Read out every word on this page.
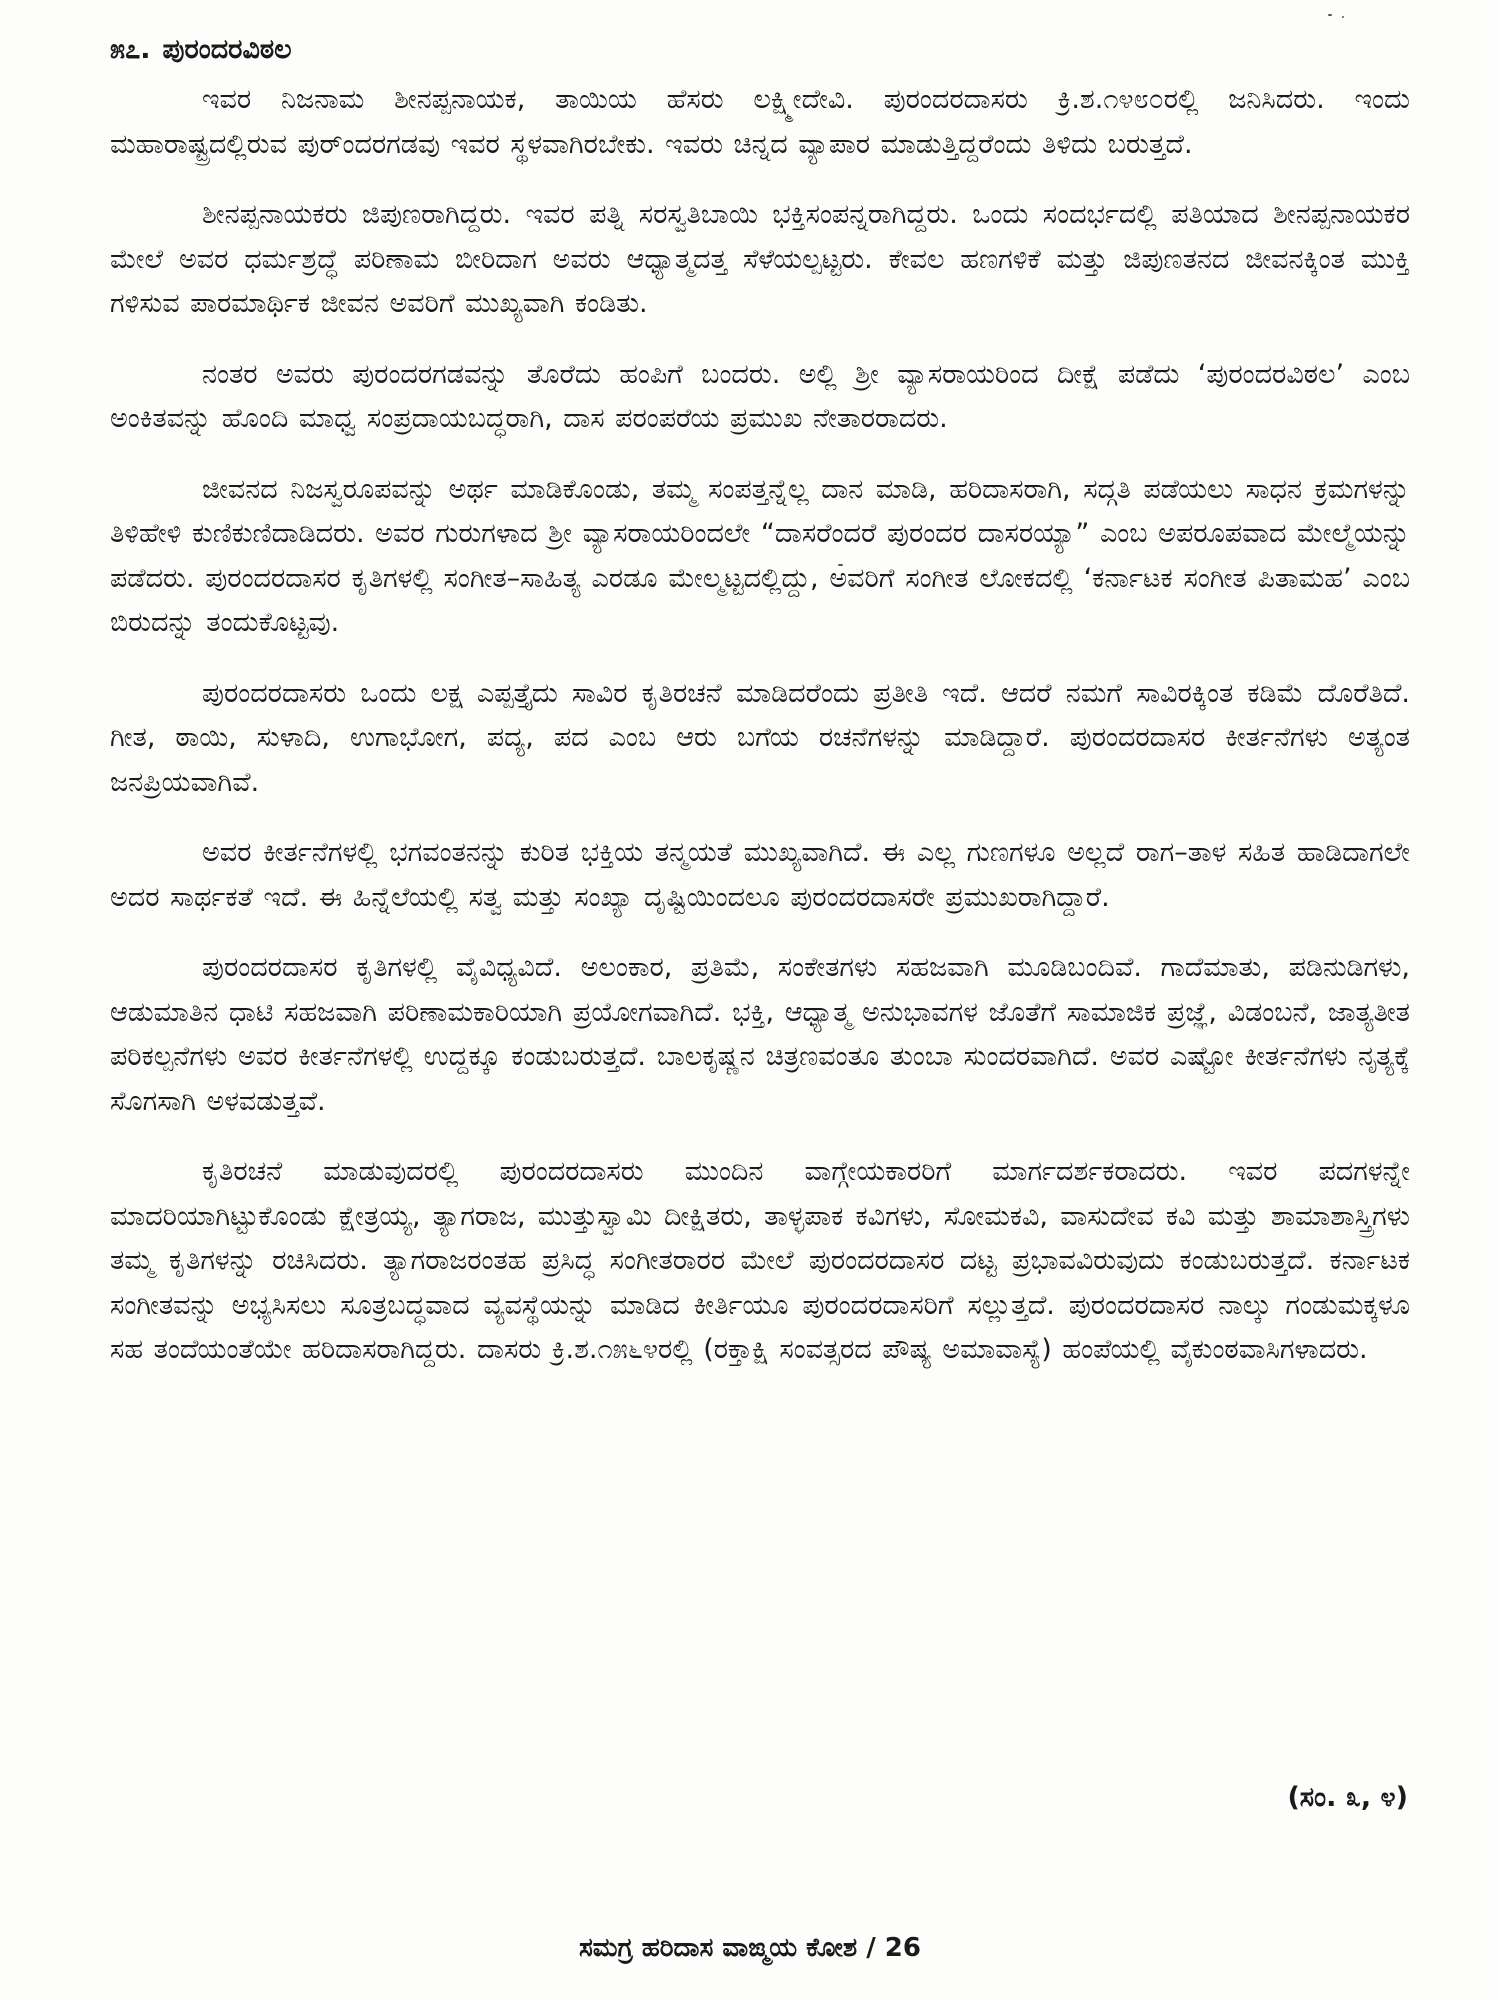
೫೭. ಪುರಂದರವಿಠಲ

ಇವರ ನಿಜನಾಮ ಶೀನಪ್ಪನಾಯಕ, ತಾಯಿಯ ಹೆಸರು ಲಕ್ಷ್ಮೀದೇವಿ. ಪುರಂದರದಾಸರು ಕ್ರಿ.ಶ.೧೪೮೦ರಲ್ಲಿ ಜನಿಸಿದರು. ಇಂದು ಮಹಾರಾಷ್ಟ್ರದಲ್ಲಿರುವ ಪುರ್‍ಂದರಗಡವು ಇವರ ಸ್ಥಳವಾಗಿರಬೇಕು. ಇವರು ಚಿನ್ನದ ವ್ಯಾಪಾರ ಮಾಡುತ್ತಿದ್ದರೆಂದು ತಿಳಿದು ಬರುತ್ತದೆ.

ಶೀನಪ್ಪನಾಯಕರು ಜಿಪುಣರಾಗಿದ್ದರು. ಇವರ ಪತ್ನಿ ಸರಸ್ವತಿಬಾಯಿ ಭಕ್ತಿಸಂಪನ್ನರಾಗಿದ್ದರು. ಒಂದು ಸಂದರ್ಭದಲ್ಲಿ ಪತಿಯಾದ ಶೀನಪ್ಪನಾಯಕರ ಮೇಲೆ ಅವರ ಧರ್ಮಶ್ರದ್ಧೆ ಪರಿಣಾಮ ಬೀರಿದಾಗ ಅವರು ಆಧ್ಯಾತ್ಮದತ್ತ ಸೆಳೆಯಲ್ಪಟ್ಟರು. ಕೇವಲ ಹಣಗಳಿಕೆ ಮತ್ತು ಜಿಪುಣತನದ ಜೀವನಕ್ಕಿಂತ ಮುಕ್ತಿ ಗಳಿಸುವ ಪಾರಮಾರ್ಥಿಕ ಜೀವನ ಅವರಿಗೆ ಮುಖ್ಯವಾಗಿ ಕಂಡಿತು.

ನಂತರ ಅವರು ಪುರಂದರಗಡವನ್ನು ತೊರೆದು ಹಂಪಿಗೆ ಬಂದರು. ಅಲ್ಲಿ ಶ್ರೀ ವ್ಯಾಸರಾಯರಿಂದ ದೀಕ್ಷೆ ಪಡೆದು ‘ಪುರಂದರವಿಠಲ’ ಎಂಬ ಅಂಕಿತವನ್ನು ಹೊಂದಿ ಮಾಧ್ವ ಸಂಪ್ರದಾಯಬದ್ಧರಾಗಿ, ದಾಸ ಪರಂಪರೆಯ ಪ್ರಮುಖ ನೇತಾರರಾದರು.

ಜೀವನದ ನಿಜಸ್ವರೂಪವನ್ನು ಅರ್ಥ ಮಾಡಿಕೊಂಡು, ತಮ್ಮ ಸಂಪತ್ತನ್ನೆಲ್ಲ ದಾನ ಮಾಡಿ, ಹರಿದಾಸರಾಗಿ, ಸದ್ಗತಿ ಪಡೆಯಲು ಸಾಧನ ಕ್ರಮಗಳನ್ನು ತಿಳಿಹೇಳಿ ಕುಣಿಕುಣಿದಾಡಿದರು. ಅವರ ಗುರುಗಳಾದ ಶ್ರೀ ವ್ಯಾಸರಾಯರಿಂದಲೇ “ದಾಸರೆಂದರೆ ಪುರಂದರ ದಾಸರಯ್ಯಾ” ಎಂಬ ಅಪರೂಪವಾದ ಮೇಲ್ಮೆಯನ್ನು ಪಡೆದರು. ಪುರಂದರದಾಸರ ಕೃತಿಗಳಲ್ಲಿ ಸಂಗೀತ–ಸಾಹಿತ್ಯ ಎರಡೂ ಮೇಲ್ಮಟ್ಟದಲ್ಲಿದ್ದು, ಅವರಿಗೆ ಸಂಗೀತ ಲೋಕದಲ್ಲಿ ‘ಕರ್ನಾಟಕ ಸಂಗೀತ ಪಿತಾಮಹ’ ಎಂಬ ಬಿರುದನ್ನು ತಂದುಕೊಟ್ಟವು.

ಪುರಂದರದಾಸರು ಒಂದು ಲಕ್ಷ ಎಪ್ಪತ್ತೈದು ಸಾವಿರ ಕೃತಿರಚನೆ ಮಾಡಿದರೆಂದು ಪ್ರತೀತಿ ಇದೆ. ಆದರೆ ನಮಗೆ ಸಾವಿರಕ್ಕಿಂತ ಕಡಿಮೆ ದೊರೆತಿದೆ. ಗೀತ, ಠಾಯಿ, ಸುಳಾದಿ, ಉಗಾಭೋಗ, ಪದ್ಯ, ಪದ ಎಂಬ ಆರು ಬಗೆಯ ರಚನೆಗಳನ್ನು ಮಾಡಿದ್ದಾರೆ. ಪುರಂದರದಾಸರ ಕೀರ್ತನೆಗಳು ಅತ್ಯಂತ ಜನಪ್ರಿಯವಾಗಿವೆ.

ಅವರ ಕೀರ್ತನೆಗಳಲ್ಲಿ ಭಗವಂತನನ್ನು ಕುರಿತ ಭಕ್ತಿಯ ತನ್ಮಯತೆ ಮುಖ್ಯವಾಗಿದೆ. ಈ ಎಲ್ಲ ಗುಣಗಳೂ ಅಲ್ಲದೆ ರಾಗ–ತಾಳ ಸಹಿತ ಹಾಡಿದಾಗಲೇ ಅದರ ಸಾರ್ಥಕತೆ ಇದೆ. ಈ ಹಿನ್ನೆಲೆಯಲ್ಲಿ ಸತ್ವ ಮತ್ತು ಸಂಖ್ಯಾ ದೃಷ್ಟಿಯಿಂದಲೂ ಪುರಂದರದಾಸರೇ ಪ್ರಮುಖರಾಗಿದ್ದಾರೆ.

ಪುರಂದರದಾಸರ ಕೃತಿಗಳಲ್ಲಿ ವೈವಿಧ್ಯವಿದೆ. ಅಲಂಕಾರ, ಪ್ರತಿಮೆ, ಸಂಕೇತಗಳು ಸಹಜವಾಗಿ ಮೂಡಿಬಂದಿವೆ. ಗಾದೆಮಾತು, ಪಡಿನುಡಿಗಳು, ಆಡುಮಾತಿನ ಧಾಟಿ ಸಹಜವಾಗಿ ಪರಿಣಾಮಕಾರಿಯಾಗಿ ಪ್ರಯೋಗವಾಗಿದೆ. ಭಕ್ತಿ, ಆಧ್ಯಾತ್ಮ ಅನುಭಾವಗಳ ಜೊತೆಗೆ ಸಾಮಾಜಿಕ ಪ್ರಜ್ಞೆ, ವಿಡಂಬನೆ, ಜಾತ್ಯತೀತ ಪರಿಕಲ್ಪನೆಗಳು ಅವರ ಕೀರ್ತನೆಗಳಲ್ಲಿ ಉದ್ದಕ್ಕೂ ಕಂಡುಬರುತ್ತದೆ. ಬಾಲಕೃಷ್ಣನ ಚಿತ್ರಣವಂತೂ ತುಂಬಾ ಸುಂದರವಾಗಿದೆ. ಅವರ ಎಷ್ಟೋ ಕೀರ್ತನೆಗಳು ನೃತ್ಯಕ್ಕೆ ಸೊಗಸಾಗಿ ಅಳವಡುತ್ತವೆ.

ಕೃತಿರಚನೆ ಮಾಡುವುದರಲ್ಲಿ ಪುರಂದರದಾಸರು ಮುಂದಿನ ವಾಗ್ಗೇಯಕಾರರಿಗೆ ಮಾರ್ಗದರ್ಶಕರಾದರು. ಇವರ ಪದಗಳನ್ನೇ ಮಾದರಿಯಾಗಿಟ್ಟುಕೊಂಡು ಕ್ಷೇತ್ರಯ್ಯ, ತ್ಯಾಗರಾಜ, ಮುತ್ತುಸ್ವಾಮಿ ದೀಕ್ಷಿತರು, ತಾಳ್ಳಪಾಕ ಕವಿಗಳು, ಸೋಮಕವಿ, ವಾಸುದೇವ ಕವಿ ಮತ್ತು ಶಾಮಾಶಾಸ್ತ್ರಿಗಳು ತಮ್ಮ ಕೃತಿಗಳನ್ನು ರಚಿಸಿದರು. ತ್ಯಾಗರಾಜರಂತಹ ಪ್ರಸಿದ್ಧ ಸಂಗೀತರಾರರ ಮೇಲೆ ಪುರಂದರದಾಸರ ದಟ್ಟ ಪ್ರಭಾವವಿರುವುದು ಕಂಡುಬರುತ್ತದೆ. ಕರ್ನಾಟಕ ಸಂಗೀತವನ್ನು ಅಭ್ಯಸಿಸಲು ಸೂತ್ರಬದ್ಧವಾದ ವ್ಯವಸ್ಥೆಯನ್ನು ಮಾಡಿದ ಕೀರ್ತಿಯೂ ಪುರಂದರದಾಸರಿಗೆ ಸಲ್ಲುತ್ತದೆ. ಪುರಂದರದಾಸರ ನಾಲ್ಕು ಗಂಡುಮಕ್ಕಳೂ ಸಹ ತಂದೆಯಂತೆಯೇ ಹರಿದಾಸರಾಗಿದ್ದರು. ದಾಸರು ಕ್ರಿ.ಶ.೧೫೬೪ರಲ್ಲಿ (ರಕ್ತಾಕ್ಷಿ ಸಂವತ್ಸರದ ಪೌಷ್ಯ ಅಮಾವಾಸ್ಯೆ) ಹಂಪೆಯಲ್ಲಿ ವೈಕುಂಠವಾಸಿಗಳಾದರು.

(ಸಂ. ೩, ೪)
ಸಮಗ್ರ ಹರಿದಾಸ ವಾಙ್ಮಯ ಕೋಶ / 26
